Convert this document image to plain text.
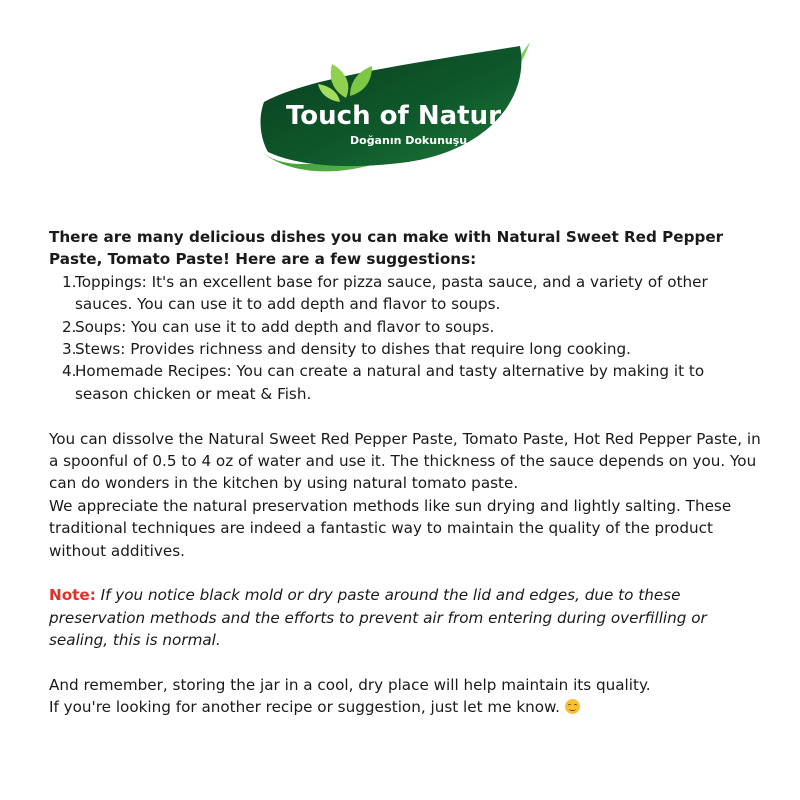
Touch of Nature
Doğanın Dokunuşu

There are many delicious dishes you can make with Natural Sweet Red Pepper Paste, Tomato Paste! Here are a few suggestions:

Toppings: It's an excellent base for pizza sauce, pasta sauce, and a variety of other sauces. You can use it to add depth and flavor to soups.
Soups: You can use it to add depth and flavor to soups.
Stews: Provides richness and density to dishes that require long cooking.
Homemade Recipes: You can create a natural and tasty alternative by making it to season chicken or meat & Fish.

You can dissolve the Natural Sweet Red Pepper Paste, Tomato Paste, Hot Red Pepper Paste, in a spoonful of 0.5 to 4 oz of water and use it. The thickness of the sauce depends on you. You can do wonders in the kitchen by using natural tomato paste.

We appreciate the natural preservation methods like sun drying and lightly salting. These traditional techniques are indeed a fantastic way to maintain the quality of the product without additives.

Note: If you notice black mold or dry paste around the lid and edges, due to these preservation methods and the efforts to prevent air from entering during overfilling or sealing, this is normal.

And remember, storing the jar in a cool, dry place will help maintain its quality.

If you're looking for another recipe or suggestion, just let me know.
